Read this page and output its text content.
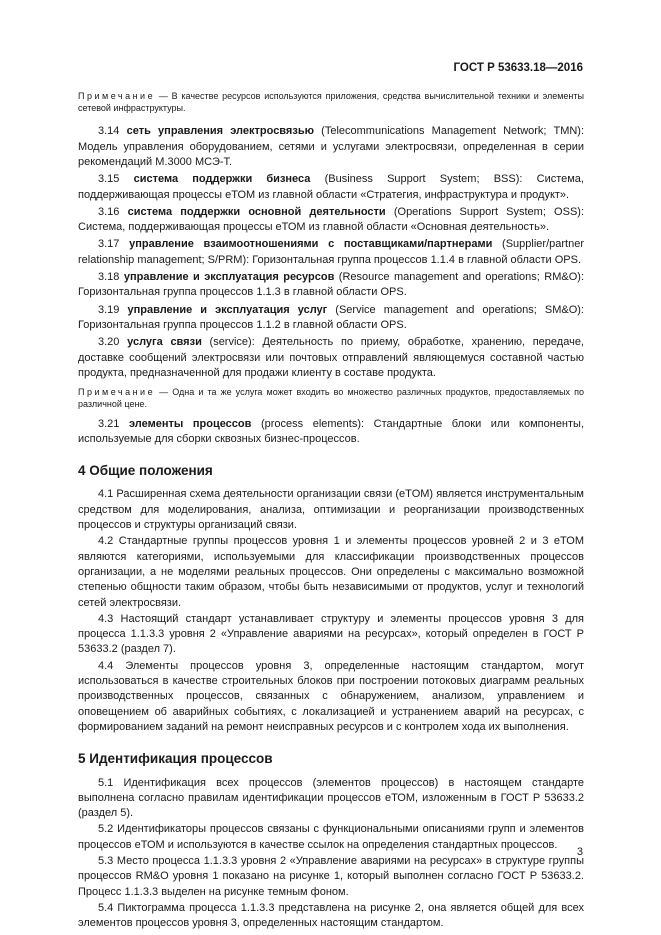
ГОСТ Р 53633.18—2016

Примечание — В качестве ресурсов используются приложения, средства вычислительной техники и элементы сетевой инфраструктуры.

3.14 сеть управления электросвязью (Telecommunications Management Network; TMN): Модель управления оборудованием, сетями и услугами электросвязи, определенная в серии рекомендаций М.3000 МСЭ-Т.

3.15 система поддержки бизнеса (Business Support System; BSS): Система, поддерживающая процессы еТОМ из главной области «Стратегия, инфраструктура и продукт».

3.16 система поддержки основной деятельности (Operations Support System; OSS): Система, поддерживающая процессы еТОМ из главной области «Основная деятельность».

3.17 управление взаимоотношениями с поставщиками/партнерами (Supplier/partner relationship management; S/PRM): Горизонтальная группа процессов 1.1.4 в главной области OPS.

3.18 управление и эксплуатация ресурсов (Resource management and operations; RM&O): Горизонтальная группа процессов 1.1.3 в главной области OPS.

3.19 управление и эксплуатация услуг (Service management and operations; SM&O): Горизонтальная группа процессов 1.1.2 в главной области OPS.

3.20 услуга связи (service): Деятельность по приему, обработке, хранению, передаче, доставке сообщений электросвязи или почтовых отправлений являющемуся составной частью продукта, предназначенной для продажи клиенту в составе продукта.

Примечание — Одна и та же услуга может входить во множество различных продуктов, предоставляемых по различной цене.

3.21 элементы процессов (process elements): Стандартные блоки или компоненты, используемые для сборки сквозных бизнес-процессов.

4 Общие положения

4.1 Расширенная схема деятельности организации связи (eTOM) является инструментальным средством для моделирования, анализа, оптимизации и реорганизации производственных процессов и структуры организаций связи.

4.2 Стандартные группы процессов уровня 1 и элементы процессов уровней 2 и 3 еТОМ являются категориями, используемыми для классификации производственных процессов организации, а не моделями реальных процессов. Они определены с максимально возможной степенью общности таким образом, чтобы быть независимыми от продуктов, услуг и технологий сетей электросвязи.

4.3 Настоящий стандарт устанавливает структуру и элементы процессов уровня 3 для процесса 1.1.3.3 уровня 2 «Управление авариями на ресурсах», который определен в ГОСТ Р 53633.2 (раздел 7).

4.4 Элементы процессов уровня 3, определенные настоящим стандартом, могут использоваться в качестве строительных блоков при построении потоковых диаграмм реальных производственных процессов, связанных с обнаружением, анализом, управлением и оповещением об аварийных событиях, с локализацией и устранением аварий на ресурсах, с формированием заданий на ремонт неисправных ресурсов и с контролем хода их выполнения.

5 Идентификация процессов

5.1 Идентификация всех процессов (элементов процессов) в настоящем стандарте выполнена согласно правилам идентификации процессов еТОМ, изложенным в ГОСТ Р 53633.2 (раздел 5).

5.2 Идентификаторы процессов связаны с функциональными описаниями групп и элементов процессов еТОМ и используются в качестве ссылок на определения стандартных процессов.

5.3 Место процесса 1.1.3.3 уровня 2 «Управление авариями на ресурсах» в структуре группы процессов RM&O уровня 1 показано на рисунке 1, который выполнен согласно ГОСТ Р 53633.2. Процесс 1.1.3.3 выделен на рисунке темным фоном.

5.4 Пиктограмма процесса 1.1.3.3 представлена на рисунке 2, она является общей для всех элементов процессов уровня 3, определенных настоящим стандартом.

3
